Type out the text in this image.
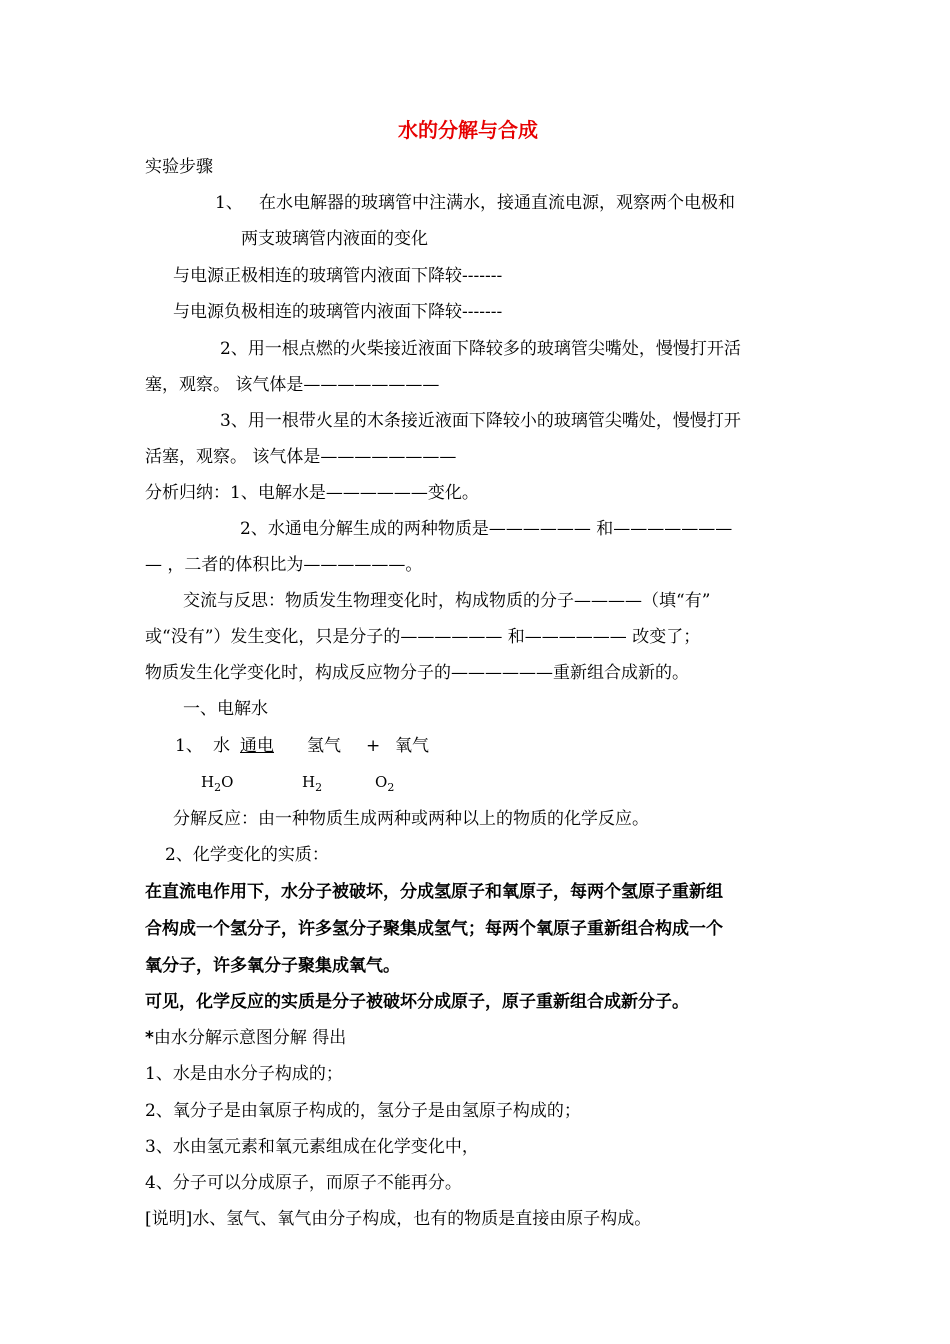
水的分解与合成
实验步骤
1、 在水电解器的玻璃管中注满水，接通直流电源，观察两个电极和
两支玻璃管内液面的变化
与电源正极相连的玻璃管内液面下降较-------
与电源负极相连的玻璃管内液面下降较-------
2、用一根点燃的火柴接近液面下降较多的玻璃管尖嘴处，慢慢打开活
塞，观察。 该气体是————————
3、用一根带火星的木条接近液面下降较小的玻璃管尖嘴处，慢慢打开
活塞，观察。 该气体是————————
分析归纳：1、电解水是——————变化。
2、水通电分解生成的两种物质是—————— 和———————
— ，二者的体积比为——————。
交流与反思：物质发生物理变化时，构成物质的分子————（填“有”
或“没有”）发生变化，只是分子的—————— 和—————— 改变了；
物质发生化学变化时，构成反应物分子的——————重新组合成新的。
一、电解水
1、 水 通电 氢气 + 氧气
$H_2O$	$H_2$	$O_2$
分解反应：由一种物质生成两种或两种以上的物质的化学反应。
2、化学变化的实质：
在直流电作用下，水分子被破坏，分成氢原子和氧原子，每两个氢原子重新组
合构成一个氢分子，许多氢分子聚集成氢气；每两个氧原子重新组合构成一个
氧分子，许多氧分子聚集成氧气。
可见，化学反应的实质是分子被破坏分成原子，原子重新组合成新分子。
*由水分解示意图分解 得出
1、水是由水分子构成的；
2、氧分子是由氧原子构成的，氢分子是由氢原子构成的；
3、水由氢元素和氧元素组成在化学变化中，
4、分子可以分成原子，而原子不能再分。
[说明]水、氢气、氧气由分子构成，也有的物质是直接由原子构成。
